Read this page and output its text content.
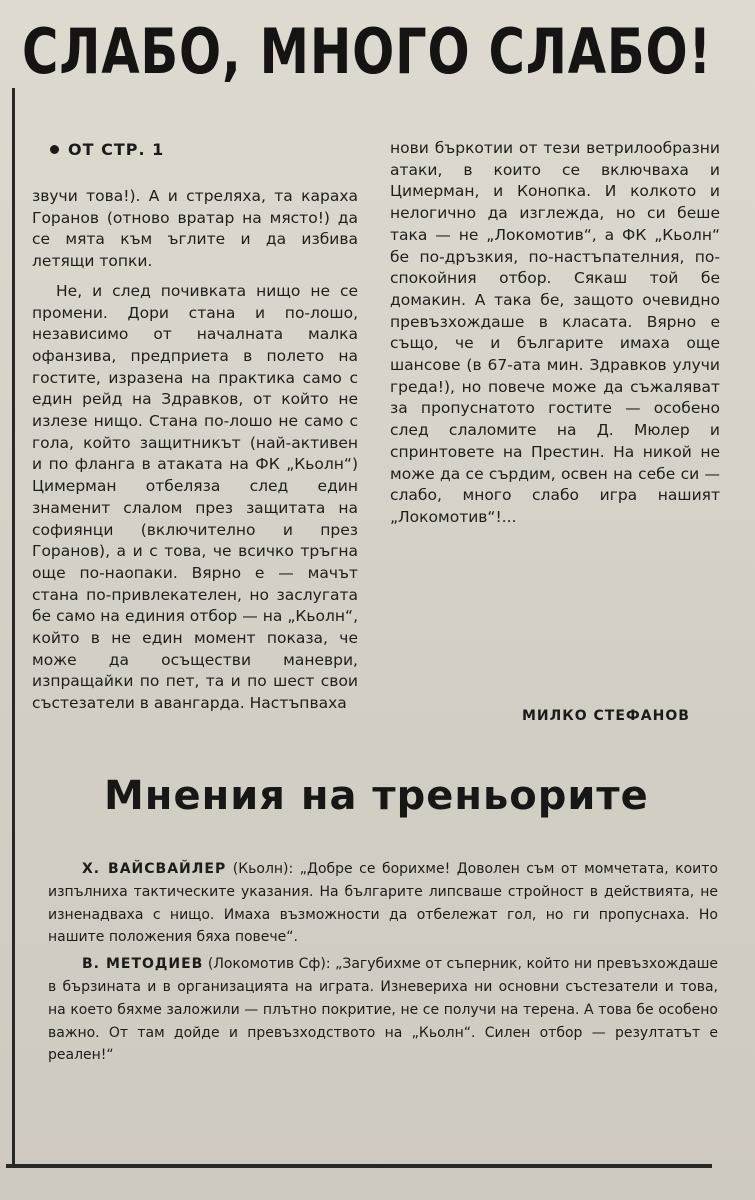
СЛАБО, МНОГО СЛАБО!
ОТ СТР. 1

звучи това!). А и стреляха, та караха Горанов (отново вратар на място!) да се мята към ъглите и да избива летящи топки.

Не, и след почивката нищо не се промени. Дори стана и по-лошо, независимо от началната малка офанзива, предприета в полето на гостите, изразена на практика само с един рейд на Здравков, от който не излезе нищо. Стана по-лошо не само с гола, който защитникът (най-активен и по фланга в атаката на ФК „Кьолн“) Цимерман отбеляза след един знаменит слалом през защитата на софиянци (включително и през Горанов), а и с това, че всичко тръгна още по-наопаки. Вярно е — мачът стана по-привлекателен, но заслугата бе само на единия отбор — на „Кьолн“, който в не един момент показа, че може да осъществи маневри, изпращайки по пет, та и по шест свои състезатели в авангарда. Настъпваха

нови бъркотии от тези ветрилообразни атаки, в които се включваха и Цимерман, и Конопка. И колкото и нелогично да изглежда, но си беше така — не „Локомотив“, а ФК „Кьолн“ бе по-дръзкия, по-настъпателния, по-спокойния отбор. Сякаш той бе домакин. А така бе, защото очевидно превъзхождаше в класата. Вярно е също, че и българите имаха още шансове (в 67-ата мин. Здравков улучи греда!), но повече може да съжаляват за пропуснатото гостите — особено след слаломите на Д. Мюлер и спринтовете на Престин. На никой не може да се сърдим, освен на себе си — слабо, много слабо игра нашият „Локомотив“!...

МИЛКО СТЕФАНОВ
Мнения на треньорите

Х. ВАЙСВАЙЛЕР (Кьолн): „Добре се борихме! Доволен съм от момчетата, които изпълниха тактическите указания. На българите липсваше стройност в действията, не изненадваха с нищо. Имаха възможности да отбележат гол, но ги пропуснаха. Но нашите положения бяха повече“.

В. МЕТОДИЕВ (Локомотив Сф): „Загубихме от съперник, който ни превъзхождаше в бързината и в организацията на играта. Изневериха ни основни състезатели и това, на което бяхме заложили — плътно покритие, не се получи на терена. А това бе особено важно. От там дойде и превъзходството на „Кьолн“. Силен отбор — резултатът е реален!“
